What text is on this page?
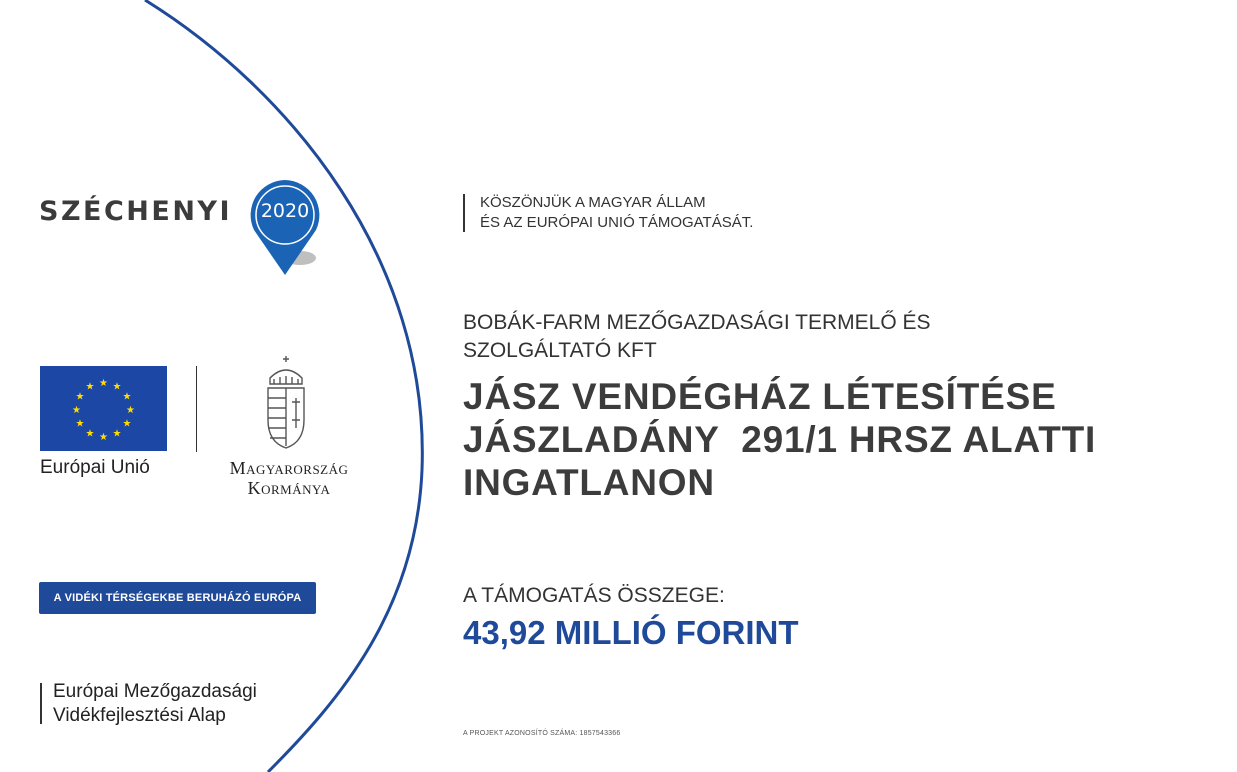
SZÉCHENYI	2020
★ ★
★
★
★
★
★
★
★
★
★
★
Európai Unió	Magyarország
Kormánya
A VIDÉKI TÉRSÉGEKBE BERUHÁZÓ EURÓPA
Európai Mezőgazdasági
Vidékfejlesztési Alap
KÖSZÖNJÜK A MAGYAR ÁLLAM
ÉS AZ EURÓPAI UNIÓ TÁMOGATÁSÁT.
BOBÁK-FARM MEZŐGAZDASÁGI TERMELŐ ÉS
SZOLGÁLTATÓ KFT
JÁSZ VENDÉGHÁZ LÉTESÍTÉSE
JÁSZLADÁNY  291/1 HRSZ ALATTI
INGATLANON
A TÁMOGATÁS ÖSSZEGE:
43,92 MILLIÓ FORINT
A PROJEKT AZONOSÍTÓ SZÁMA: 1857543366
